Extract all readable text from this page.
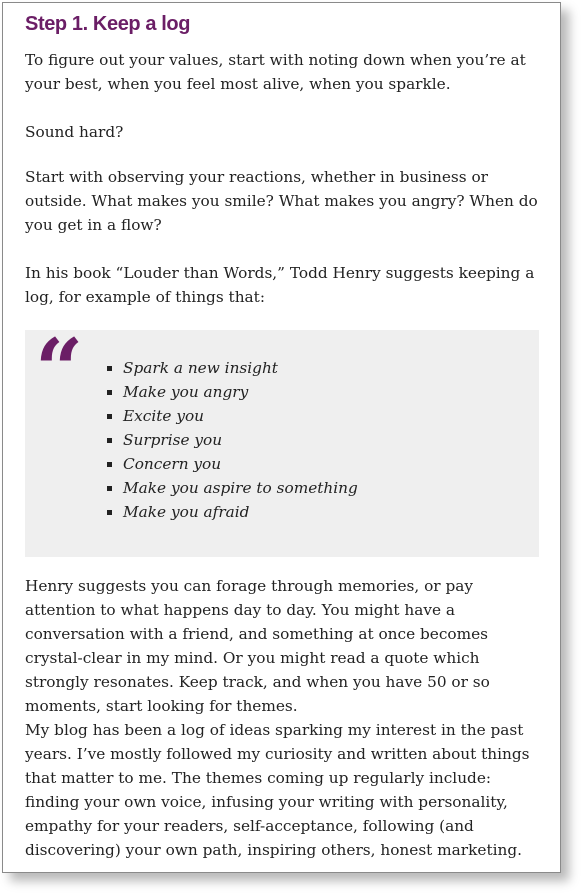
Step 1. Keep a log

To figure out your values, start with noting down when you’re at your best, when you feel most alive, when you sparkle.

Sound hard?

Start with observing your reactions, whether in business or outside. What makes you smile? What makes you angry? When do you get in a flow?

In his book “Louder than Words,” Todd Henry suggests keeping a log, for example of things that:

“	Spark a new insight
Make you angry
Excite you
Surprise you
Concern you
Make you aspire to something
Make you afraid

Henry suggests you can forage through memories, or pay attention to what happens day to day. You might have a conversation with a friend, and something at once becomes crystal-clear in my mind. Or you might read a quote which strongly resonates. Keep track, and when you have 50 or so moments, start looking for themes.

My blog has been a log of ideas sparking my interest in the past years. I’ve mostly followed my curiosity and written about things that matter to me. The themes coming up regularly include: finding your own voice, infusing your writing with personality, empathy for your readers, self-acceptance, following (and discovering) your own path, inspiring others, honest marketing.
